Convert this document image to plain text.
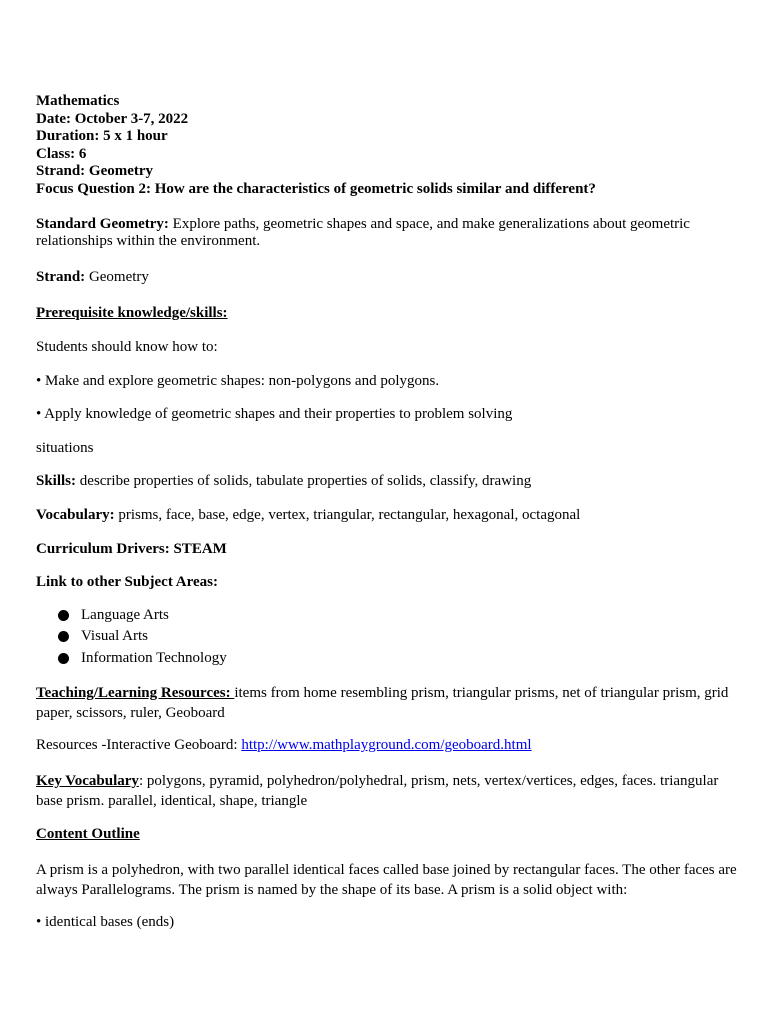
Mathematics
Date: October 3-7, 2022
Duration: 5 x 1 hour
Class: 6
Strand: Geometry
Focus Question 2: How are the characteristics of geometric solids similar and different?

Standard Geometry: Explore paths, geometric shapes and space, and make generalizations about geometric relationships within the environment.

Strand: Geometry

Prerequisite knowledge/skills:

Students should know how to:

• Make and explore geometric shapes: non-polygons and polygons.

• Apply knowledge of geometric shapes and their properties to problem solving

situations

Skills: describe properties of solids, tabulate properties of solids, classify, drawing

Vocabulary: prisms, face, base, edge, vertex, triangular, rectangular, hexagonal, octagonal

Curriculum Drivers: STEAM

Link to other Subject Areas:

Language Arts
Visual Arts
Information Technology

Teaching/Learning Resources: items from home resembling prism, triangular prisms, net of triangular prism, grid paper, scissors, ruler, Geoboard

Resources -Interactive Geoboard: http://www.mathplayground.com/geoboard.html

Key Vocabulary: polygons, pyramid, polyhedron/polyhedral, prism, nets, vertex/vertices, edges, faces. triangular base prism. parallel, identical, shape, triangle

Content Outline

A prism is a polyhedron, with two parallel identical faces called base joined by rectangular faces. The other faces are always Parallelograms. The prism is named by the shape of its base. A prism is a solid object with:

• identical bases (ends)
